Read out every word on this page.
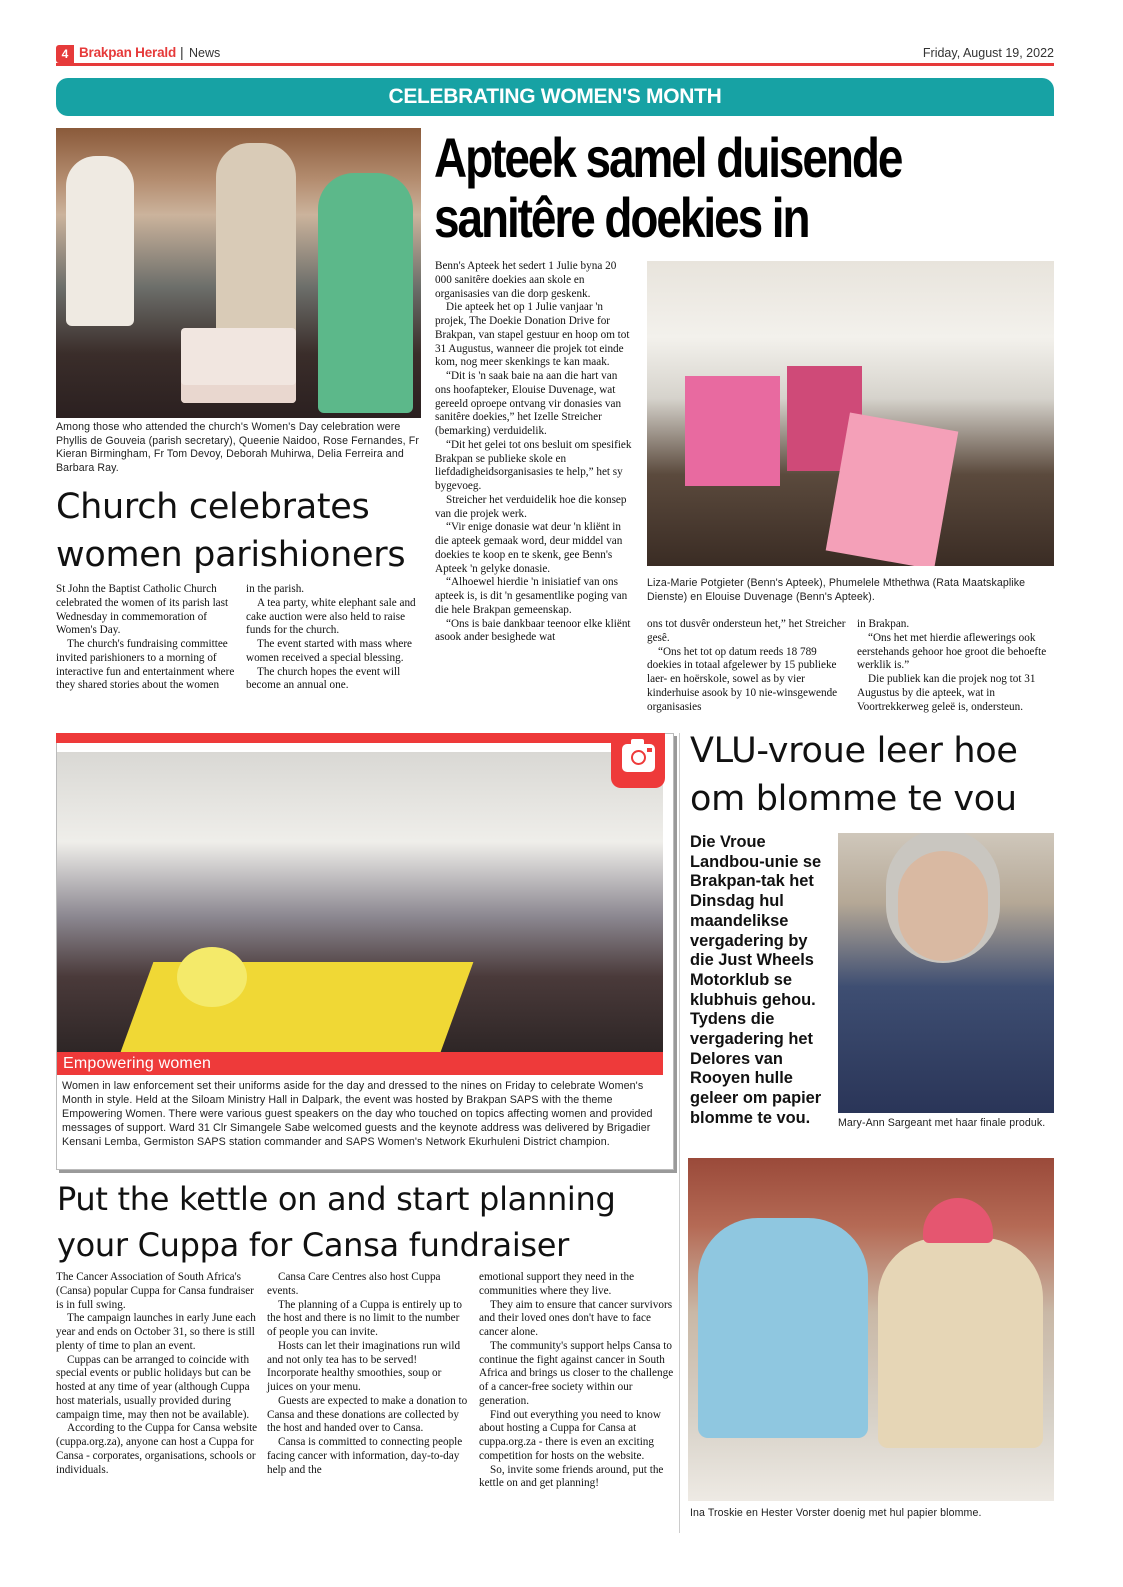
4 Brakpan Herald | News	Friday, August 19, 2022
CELEBRATING WOMEN'S MONTH
Among those who attended the church's Women's Day celebration were Phyllis de Gouveia (parish secretary), Queenie Naidoo, Rose Fernandes, Fr Kieran Birmingham, Fr Tom Devoy, Deborah Muhirwa, Delia Ferreira and Barbara Ray.
Church celebrates
women parishioners

St John the Baptist Catholic Church celebrated the women of its parish last Wednesday in commemoration of Women's Day.

The church's fundraising committee invited parishioners to a morning of interactive fun and entertainment where they shared stories about the women

in the parish.

A tea party, white elephant sale and cake auction were also held to raise funds for the church.

The event started with mass where women received a special blessing.

The church hopes the event will become an annual one.

Apteek samel duisende
sanitêre doekies in

Benn's Apteek het sedert 1 Julie byna 20 000 sanitêre doekies aan skole en organisasies van die dorp geskenk.

Die apteek het op 1 Julie vanjaar 'n projek, The Doekie Donation Drive for Brakpan, van stapel gestuur en hoop om tot 31 Augustus, wanneer die projek tot einde kom, nog meer skenkings te kan maak.

“Dit is 'n saak baie na aan die hart van ons hoofapteker, Elouise Duvenage, wat gereeld oproepe ontvang vir donasies van sanitêre doekies,” het Izelle Streicher (bemarking) verduidelik.

“Dit het gelei tot ons besluit om spesifiek Brakpan se publieke skole en liefdadigheidsorganisasies te help,” het sy bygevoeg.

Streicher het verduidelik hoe die konsep van die projek werk.

“Vir enige donasie wat deur 'n kliënt in die apteek gemaak word, deur middel van doekies te koop en te skenk, gee Benn's Apteek 'n gelyke donasie.

“Alhoewel hierdie 'n inisiatief van ons apteek is, is dit 'n gesamentlike poging van die hele Brakpan gemeenskap.

“Ons is baie dankbaar teenoor elke kliënt asook ander besighede wat

Liza-Marie Potgieter (Benn's Apteek), Phumelele Mthethwa (Rata Maatskaplike Dienste) en Elouise Duvenage (Benn's Apteek).

ons tot dusvêr ondersteun het,” het Streicher gesê.

“Ons het tot op datum reeds 18 789 doekies in totaal afgelewer by 15 publieke laer- en hoërskole, sowel as by vier kinderhuise asook by 10 nie-winsgewende organisasies

in Brakpan.

“Ons het met hierdie aflewerings ook eerstehands gehoor hoe groot die behoefte werklik is.”

Die publiek kan die projek nog tot 31 Augustus by die apteek, wat in Voortrekkerweg geleë is, ondersteun.

Empowering women
Women in law enforcement set their uniforms aside for the day and dressed to the nines on Friday to celebrate Women's Month in style. Held at the Siloam Ministry Hall in Dalpark, the event was hosted by Brakpan SAPS with the theme Empowering Women. There were various guest speakers on the day who touched on topics affecting women and provided messages of support. Ward 31 Clr Simangele Sabe welcomed guests and the keynote address was delivered by Brigadier Kensani Lemba, Germiston SAPS station commander and SAPS Women's Network Ekurhuleni District champion.
VLU-vroue leer hoe
om blomme te vou
Die Vroue Landbou-unie se Brakpan-tak het Dinsdag hul maandelikse vergadering by die Just Wheels Motorklub se klubhuis gehou. Tydens die vergadering het Delores van Rooyen hulle geleer om papier blomme te vou.	Mary-Ann Sargeant met haar finale produk.
Ina Troskie en Hester Vorster doenig met hul papier blomme.
Put the kettle on and start planning
your Cuppa for Cansa fundraiser

The Cancer Association of South Africa's (Cansa) popular Cuppa for Cansa fundraiser is in full swing.

The campaign launches in early June each year and ends on October 31, so there is still plenty of time to plan an event.

Cuppas can be arranged to coincide with special events or public holidays but can be hosted at any time of year (although Cuppa host materials, usually provided during campaign time, may then not be available).

According to the Cuppa for Cansa website (cuppa.org.za), anyone can host a Cuppa for Cansa - corporates, organisations, schools or individuals.

Cansa Care Centres also host Cuppa events.

The planning of a Cuppa is entirely up to the host and there is no limit to the number of people you can invite.

Hosts can let their imaginations run wild and not only tea has to be served! Incorporate healthy smoothies, soup or juices on your menu.

Guests are expected to make a donation to Cansa and these donations are collected by the host and handed over to Cansa.

Cansa is committed to connecting people facing cancer with information, day-to-day help and the

emotional support they need in the communities where they live.

They aim to ensure that cancer survivors and their loved ones don't have to face cancer alone.

The community's support helps Cansa to continue the fight against cancer in South Africa and brings us closer to the challenge of a cancer-free society within our generation.

Find out everything you need to know about hosting a Cuppa for Cansa at cuppa.org.za - there is even an exciting competition for hosts on the website.

So, invite some friends around, put the kettle on and get planning!
